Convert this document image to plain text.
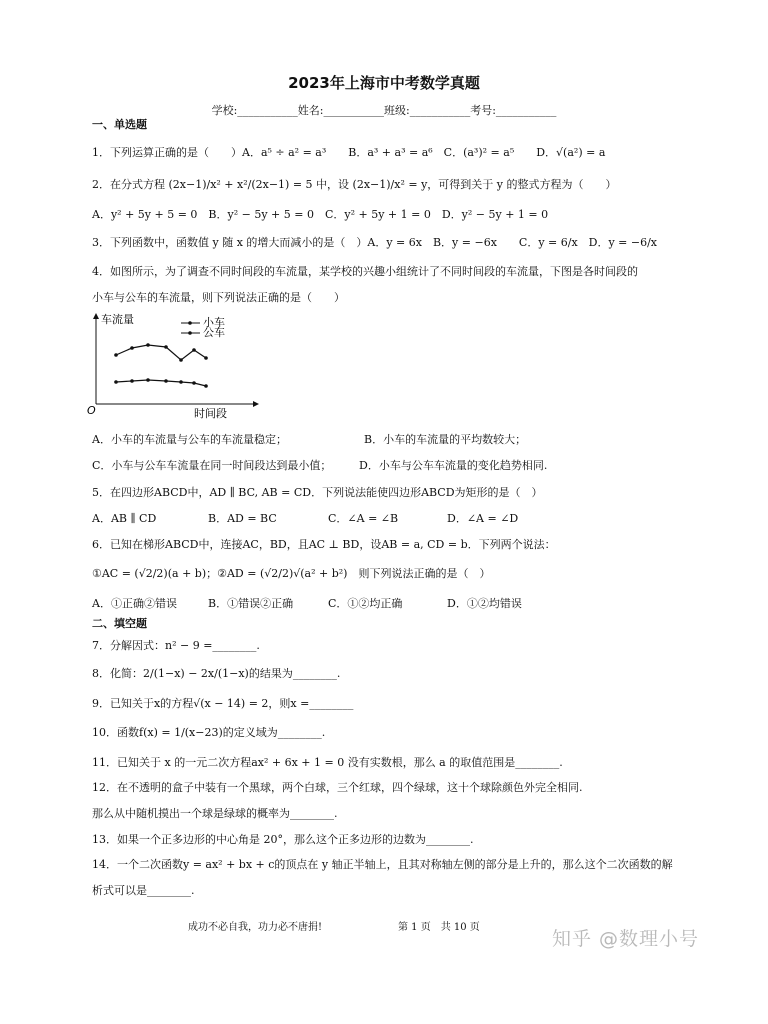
2023年上海市中考数学真题
学校:___________姓名:___________班级:___________考号:___________
一、单选题
1．下列运算正确的是（　　）A．a⁵ ÷ a² = a³　　B．a³ + a³ = a⁶　C．(a³)² = a⁵　　D．√(a²) = a
2．在分式方程 (2x−1)/x² + x²/(2x−1) = 5 中，设 (2x−1)/x² = y，可得到关于 y 的整式方程为（　　）
A．y² + 5y + 5 = 0　B．y² − 5y + 5 = 0　C．y² + 5y + 1 = 0　D．y² − 5y + 1 = 0
3．下列函数中，函数值 y 随 x 的增大而减小的是（　）A．y = 6x　B．y = −6x　　C．y = 6/x　D．y = −6/x
4．如图所示，为了调查不同时间段的车流量，某学校的兴趣小组统计了不同时间段的车流量，下图是各时间段的
小车与公车的车流量，则下列说法正确的是（　　）
车流量
时间段
O
小车
公车
A．小车的车流量与公车的车流量稳定；	B．小车的车流量的平均数较大；
C．小车与公车车流量在同一时间段达到最小值；	D．小车与公车车流量的变化趋势相同.
5．在四边形ABCD中，AD ∥ BC, AB = CD．下列说法能使四边形ABCD为矩形的是（　）
A．AB ∥ CD	B．AD = BC	C．∠A = ∠B	D．∠A = ∠D
6．已知在梯形ABCD中，连接AC，BD，且AC ⊥ BD，设AB = a, CD = b．下列两个说法：
①AC = (√2/2)(a + b)；②AD = (√2/2)√(a² + b²)　则下列说法正确的是（　）
A．①正确②错误	B．①错误②正确	C．①②均正确	D．①②均错误
二、填空题
7．分解因式：n² − 9 =________.
8．化简：2/(1−x) − 2x/(1−x)的结果为________.
9．已知关于x的方程√(x − 14) = 2，则x =________
10．函数f(x) = 1/(x−23)的定义域为________.
11．已知关于 x 的一元二次方程ax² + 6x + 1 = 0 没有实数根，那么 a 的取值范围是________.
12．在不透明的盒子中装有一个黑球，两个白球，三个红球，四个绿球，这十个球除颜色外完全相同.
那么从中随机摸出一个球是绿球的概率为________.
13．如果一个正多边形的中心角是 20°，那么这个正多边形的边数为________.
14．一个二次函数y = ax² + bx + c的顶点在 y 轴正半轴上，且其对称轴左侧的部分是上升的，那么这个二次函数的解
析式可以是________.
成功不必自我，功力必不唐捐!	第 1 页　共 10 页
知乎 @数理小号
